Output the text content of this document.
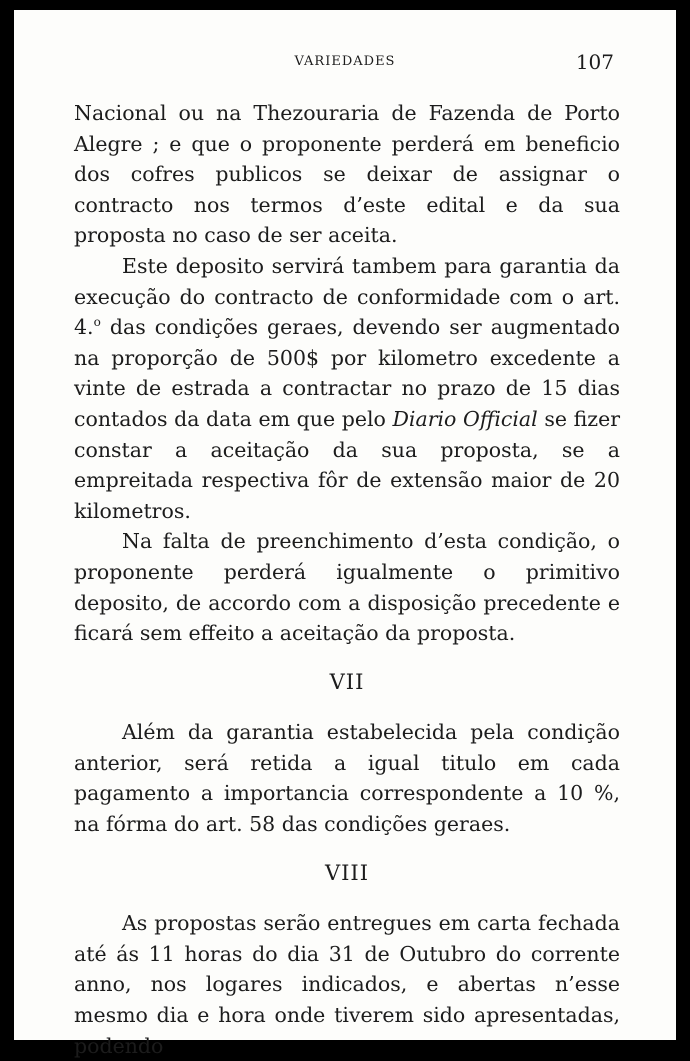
VARIEDADES	107

Nacional ou na Thezouraria de Fazenda de Porto Alegre ; e que o proponente perderá em beneficio dos cofres publicos se deixar de assignar o contracto nos termos d’este edital e da sua proposta no caso de ser aceita.

Este deposito servirá tambem para garantia da execução do contracto de conformidade com o art. 4.$^o$ das condições geraes, devendo ser augmentado na proporção de 500$ por kilometro excedente a vinte de estrada a contractar no prazo de 15 dias contados da data em que pelo Diario Official se fizer constar a aceitação da sua proposta, se a empreitada respectiva fôr de extensão maior de 20 kilometros.

Na falta de preenchimento d’esta condição, o proponente perderá igualmente o primitivo deposito, de accordo com a disposição precedente e ficará sem effeito a aceitação da proposta.

VII

Além da garantia estabelecida pela condição anterior, será retida a igual titulo em cada pagamento a importancia correspondente a 10 %, na fórma do art. 58 das condições geraes.

VIII

As propostas serão entregues em carta fechada até ás 11 horas do dia 31 de Outubro do corrente anno, nos logares indicados, e abertas n’esse mesmo dia e hora onde tiverem sido apresentadas, podendo
